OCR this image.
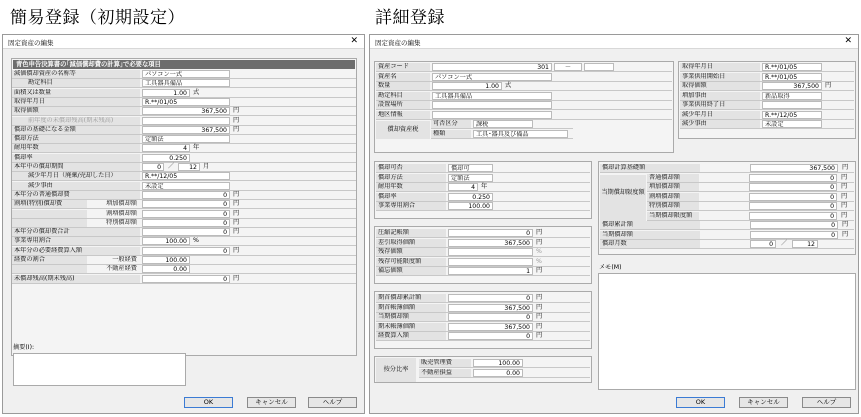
簡易登録（初期設定）	詳細登録
固定資産の編集	✕
青色申告決算書の｢減価償却費の計算｣で必要な項目
減価償却資産の名称等	パソコン一式
勘定科目	工具器具備品
面積又は数量	1.00 式
取得年月日	R.**/01/05
取得価額	367,500 円
前年度の未償却残高(期末残高)	円
償却の基礎になる金額	367,500 円
償却方法	定額法
耐用年数	4 年
償却率	0.250
本年中の償却期間	0	／	12 月
減少年月日（廃棄/売却した日）	R.**/12/05
減少事由	未設定
本年分の普通償却費	0 円
割増(特別)償却費	増加償却額	0 円
割増償却額	0 円
特別償却額	0 円
本年分の償却費合計	0 円
事業専用割合	100.00 %
本年分の必要経費算入額	0 円
経費の割合	一般経費	100.00
不動産経費	0.00
未償却残高(期末残高)	0 円
摘要(I):
OK	キャンセル	ヘルプ
固定資産の編集	✕
資産コード	301	－
資産名	パソコン一式
数量	1.00 式
勘定科目	工具器具備品
設置場所
地区情報
償却資産税
可否区分	課税
種類	工具･器具及び備品
取得年月日	R.**/01/05
事業供用開始日	R.**/01/05
取得価額	367,500 円
増加事由	新品取得
事業供用終了日
減少年月日	R.**/12/05
減少事由	未設定
償却可否	償却可
償却方法	定額法
耐用年数	4 年
償却率	0.250
事業専用割合	100.00
償却計算基礎額	367,500	円
当期償却限度額
普通償却額	0	円
増加償却額	0	円
割増償却額	0	円
特別償却額	0	円
当期償却限度額	0	円
償却累計額	0	円
当期償却額	0	円
償却月数	0	／	12
圧縮記帳額	0 円
差引取得価額	367,500 円
残存価額	%
残存可能限度額	%
備忘価額	1 円
期首償却累計額	0 円
期首帳簿価額	367,500 円
当期償却額	0 円
期末帳簿価額	367,500 円
経費算入額	0 円
按分比率
販売管理費	100.00
不動産損益	0.00
メモ(M)
OK	キャンセル	ヘルプ
